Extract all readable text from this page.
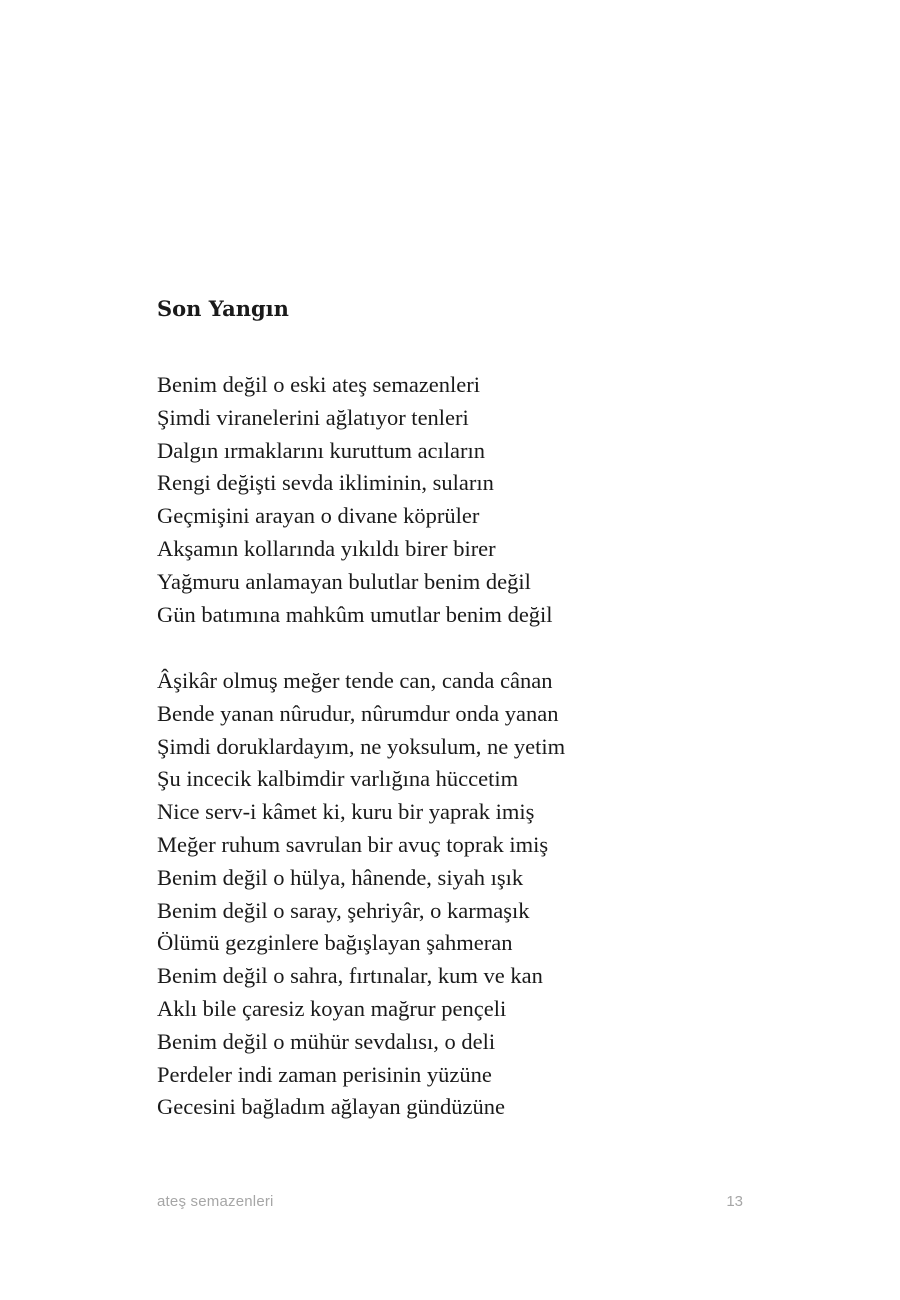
Son Yangın
Benim değil o eski ateş semazenleri
Şimdi viranelerini ağlatıyor tenleri
Dalgın ırmaklarını kuruttum acıların
Rengi değişti sevda ikliminin, suların
Geçmişini arayan o divane köprüler
Akşamın kollarında yıkıldı birer birer
Yağmuru anlamayan bulutlar benim değil
Gün batımına mahkûm umutlar benim değil
Âşikâr olmuş meğer tende can, canda cânan
Bende yanan nûrudur, nûrumdur onda yanan
Şimdi doruklardayım, ne yoksulum, ne yetim
Şu incecik kalbimdir varlığına hüccetim
Nice serv-i kâmet ki, kuru bir yaprak imiş
Meğer ruhum savrulan bir avuç toprak imiş
Benim değil o hülya, hânende, siyah ışık
Benim değil o saray, şehriyâr, o karmaşık
Ölümü gezginlere bağışlayan şahmeran
Benim değil o sahra, fırtınalar, kum ve kan
Aklı bile çaresiz koyan mağrur pençeli
Benim değil o mühür sevdalısı, o deli
Perdeler indi zaman perisinin yüzüne
Gecesini bağladım ağlayan gündüzüne
ateş semazenleri	13
